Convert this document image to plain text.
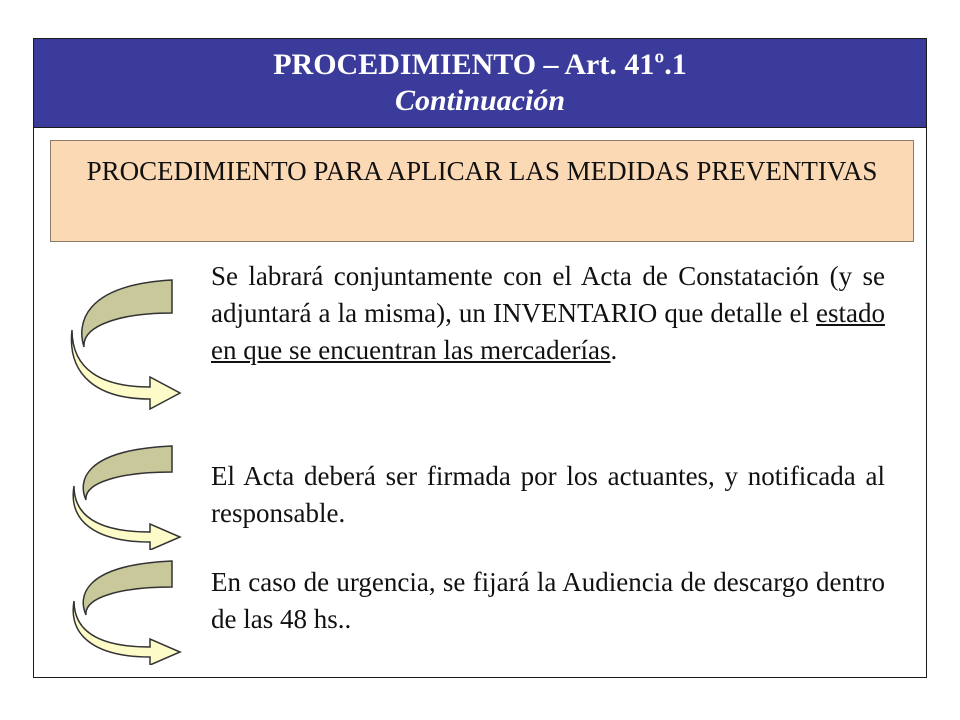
PROCEDIMIENTO – Art. 41º.1
Continuación
PROCEDIMIENTO PARA APLICAR LAS MEDIDAS PREVENTIVAS
Se labrará conjuntamente con el Acta de Constatación (y se adjuntará a la misma), un INVENTARIO que detalle el estado en que se encuentran las mercaderías.
El Acta deberá ser firmada por los actuantes, y notificada al responsable.
En caso de urgencia, se fijará la Audiencia de descargo dentro de las 48 hs..
